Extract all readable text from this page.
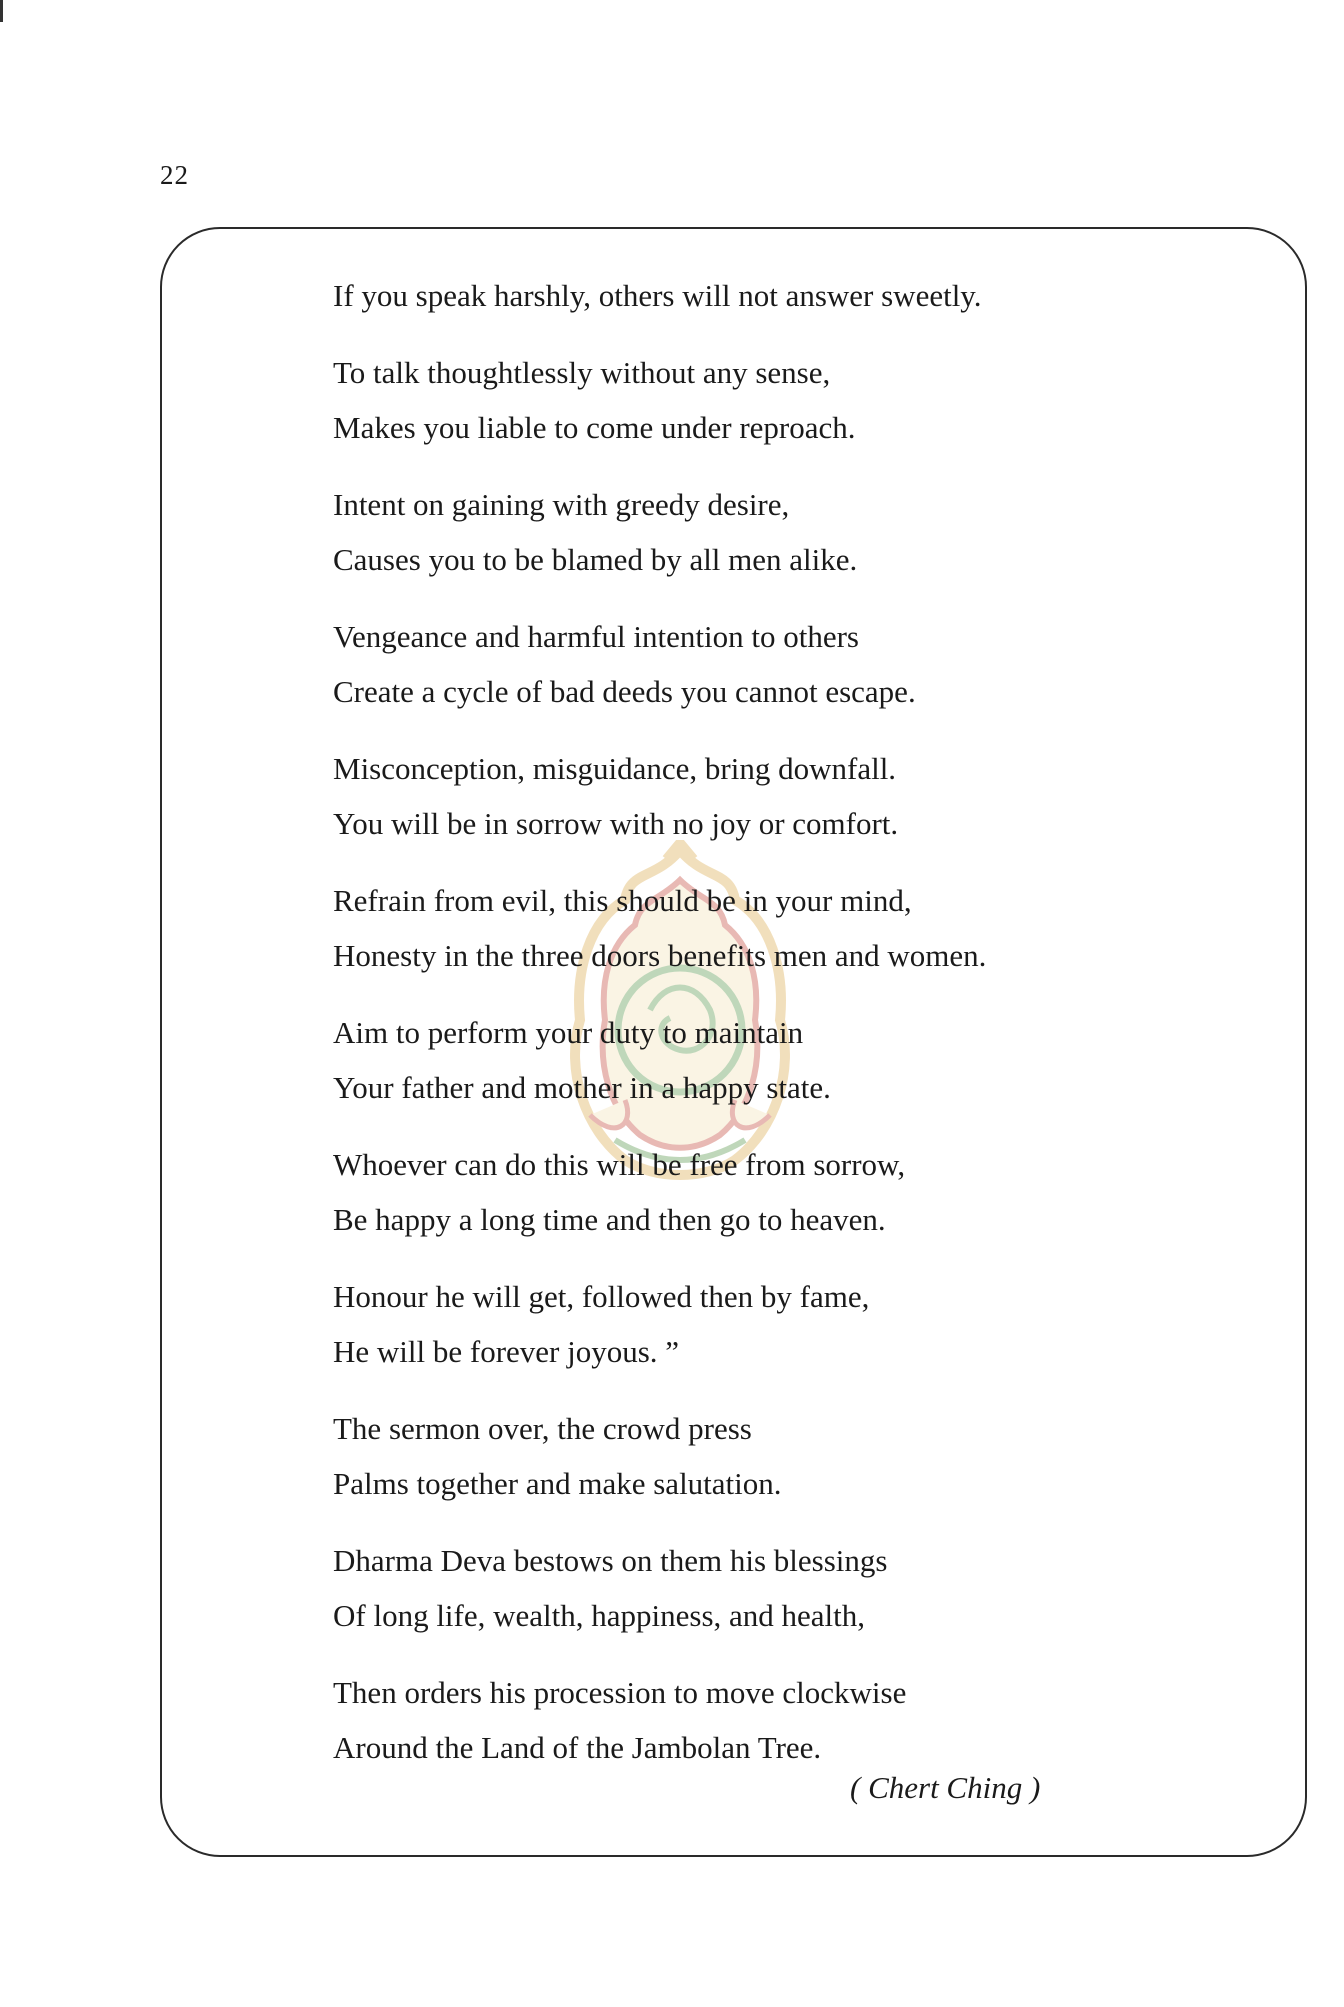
22
If you speak harshly, others will not answer sweetly.
To talk thoughtlessly without any sense,
Makes you liable to come under reproach.
Intent on gaining with greedy desire,
Causes you to be blamed by all men alike.
Vengeance and harmful intention to others
Create a cycle of bad deeds you cannot escape.
Misconception, misguidance, bring downfall.
You will be in sorrow with no joy or comfort.
Refrain from evil, this should be in your mind,
Honesty in the three doors benefits men and women.
Aim to perform your duty to maintain
Your father and mother in a happy state.
Whoever can do this will be free from sorrow,
Be happy a long time and then go to heaven.
Honour he will get, followed then by fame,
He will be forever joyous. ”
The sermon over, the crowd press
Palms together and make salutation.
Dharma Deva bestows on them his blessings
Of long life, wealth, happiness, and health,
Then orders his procession to move clockwise
Around the Land of the Jambolan Tree.
( Chert Ching )
